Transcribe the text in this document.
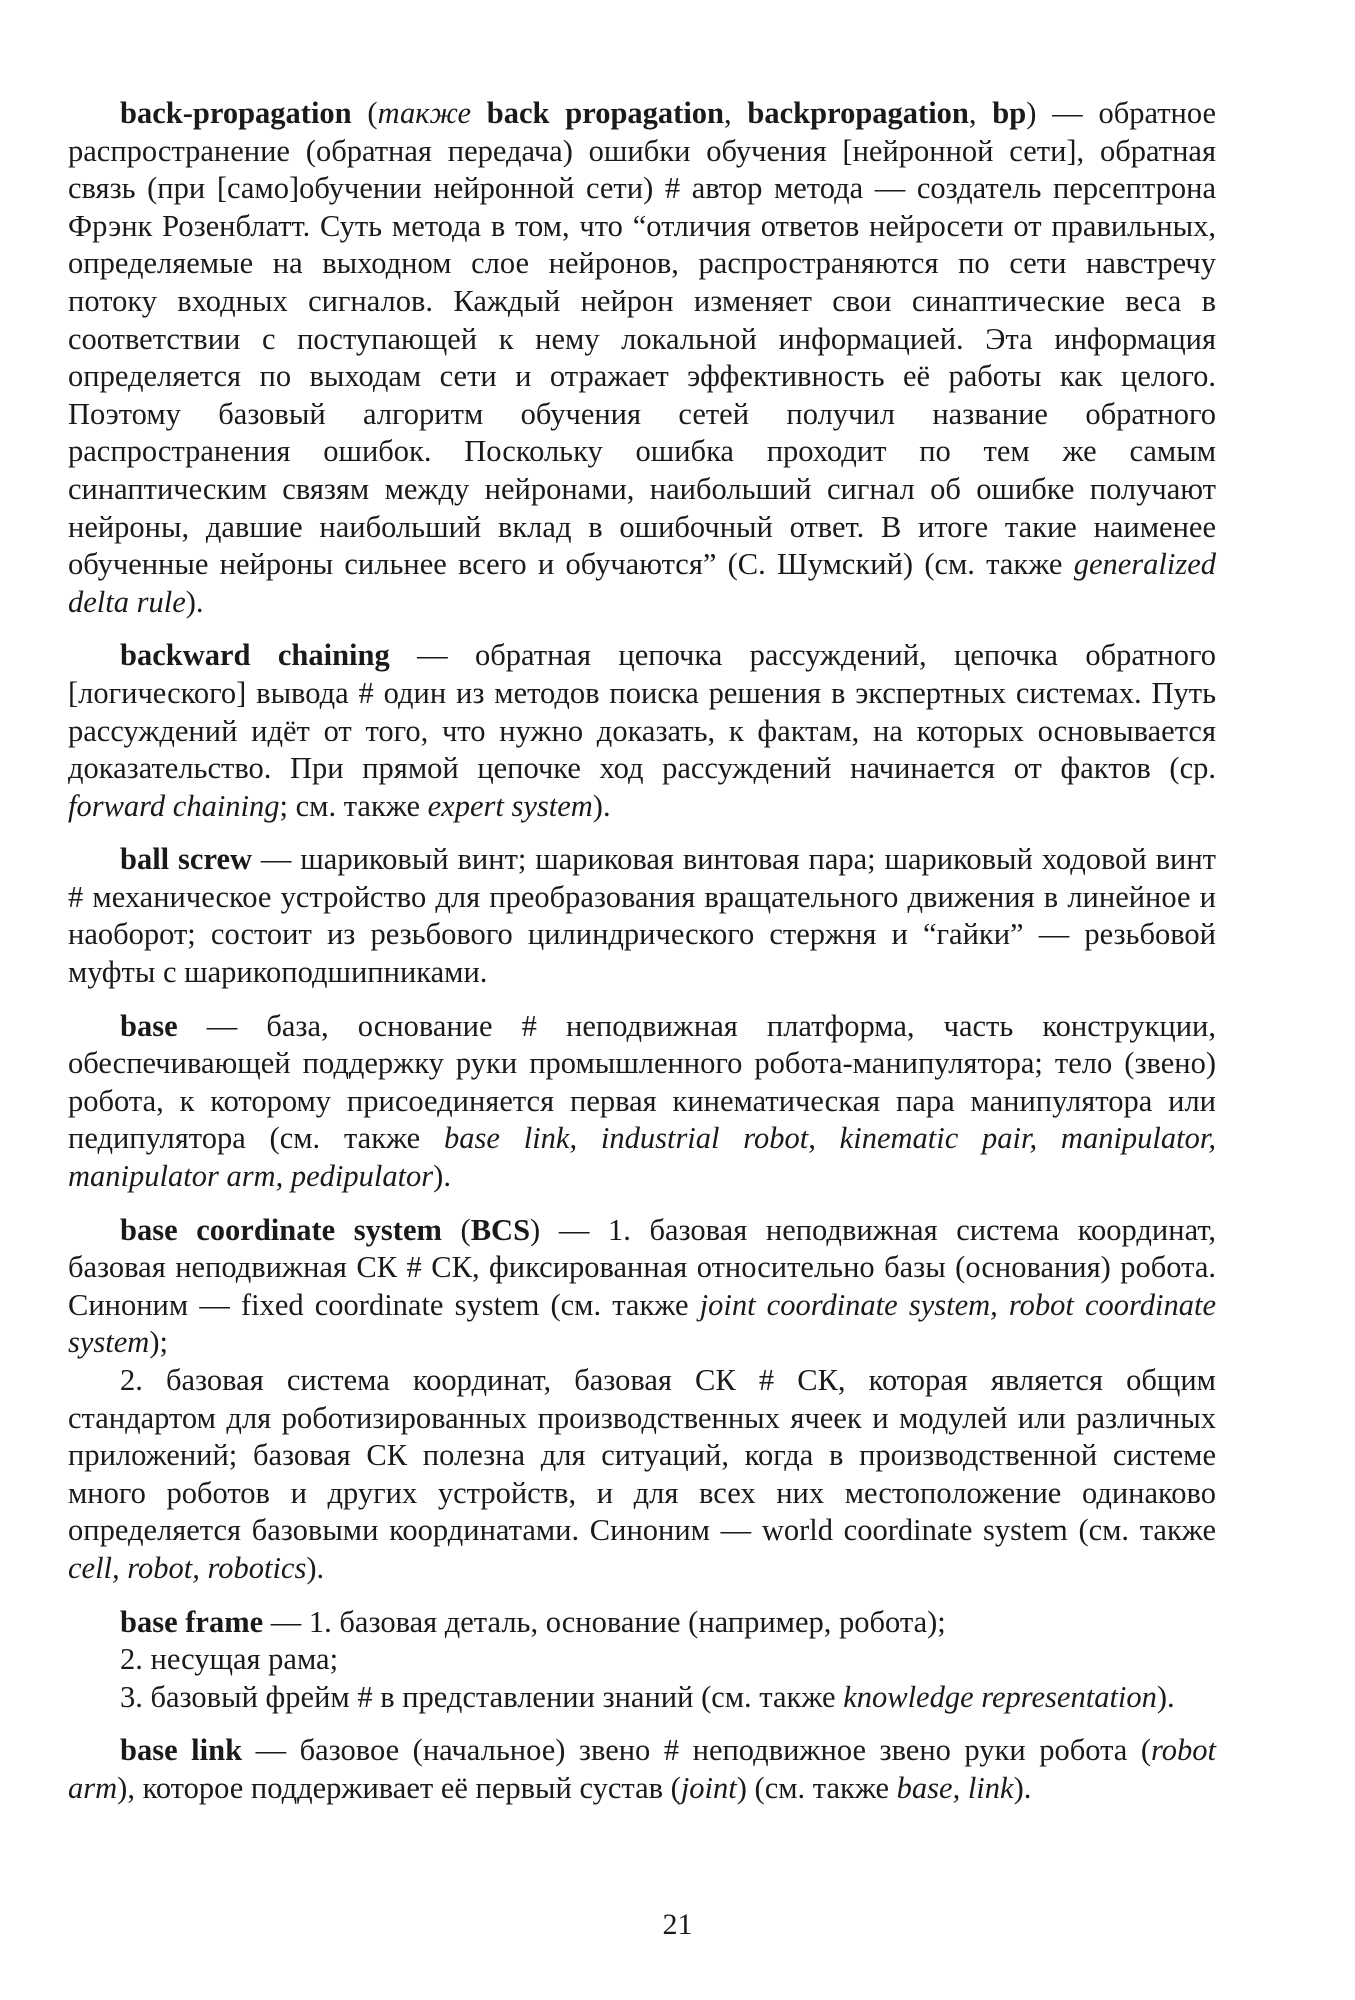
back-propagation (также back propagation, backpropagation, bp) — обратное распространение (обратная передача) ошибки обучения [нейронной сети], обратная связь (при [само]обучении нейронной сети) # автор метода — создатель персептрона Фрэнк Розенблатт. Суть метода в том, что “отличия ответов нейросети от правильных, определяемые на выходном слое нейронов, распространяются по сети навстречу потоку входных сигналов. Каждый нейрон изменяет свои синаптические веса в соответствии с поступающей к нему локальной информацией. Эта информация определяется по выходам сети и отражает эффективность её работы как целого. Поэтому базовый алгоритм обучения сетей получил название обратного распространения ошибок. Поскольку ошибка проходит по тем же самым синаптическим связям между нейронами, наибольший сигнал об ошибке получают нейроны, давшие наибольший вклад в ошибочный ответ. В итоге такие наименее обученные нейроны сильнее всего и обучаются” (С. Шумский) (см. также generalized delta rule).

backward chaining — обратная цепочка рассуждений, цепочка обратного [логического] вывода # один из методов поиска решения в экспертных системах. Путь рассуждений идёт от того, что нужно доказать, к фактам, на которых основывается доказательство. При прямой цепочке ход рассуждений начинается от фактов (ср. forward chaining; см. также expert system).

ball screw — шариковый винт; шариковая винтовая пара; шариковый ходовой винт # механическое устройство для преобразования вращательного движения в линейное и наоборот; состоит из резьбового цилиндрического стержня и “гайки” — резьбовой муфты с шарикоподшипниками.

base — база, основание # неподвижная платформа, часть конструкции, обеспечивающей поддержку руки промышленного робота-манипулятора; тело (звено) робота, к которому присоединяется первая кинематическая пара манипулятора или педипулятора (см. также base link, industrial robot, kinematic pair, manipulator, manipulator arm, pedipulator).

base coordinate system (BCS) — 1. базовая неподвижная система координат, базовая неподвижная СК # СК, фиксированная относительно базы (основания) робота. Синоним — fixed coordinate system (см. также joint coordinate system, robot coordinate system);

2. базовая система координат, базовая СК # СК, которая является общим стандартом для роботизированных производственных ячеек и модулей или различных приложений; базовая СК полезна для ситуаций, когда в производственной системе много роботов и других устройств, и для всех них местоположение одинаково определяется базовыми координатами. Синоним — world coordinate system (см. также cell, robot, robotics).

base frame — 1. базовая деталь, основание (например, робота);

2. несущая рама;

3. базовый фрейм # в представлении знаний (см. также knowledge representation).

base link — базовое (начальное) звено # неподвижное звено руки робота (robot arm), которое поддерживает её первый сустав (joint) (см. также base, link).

21
